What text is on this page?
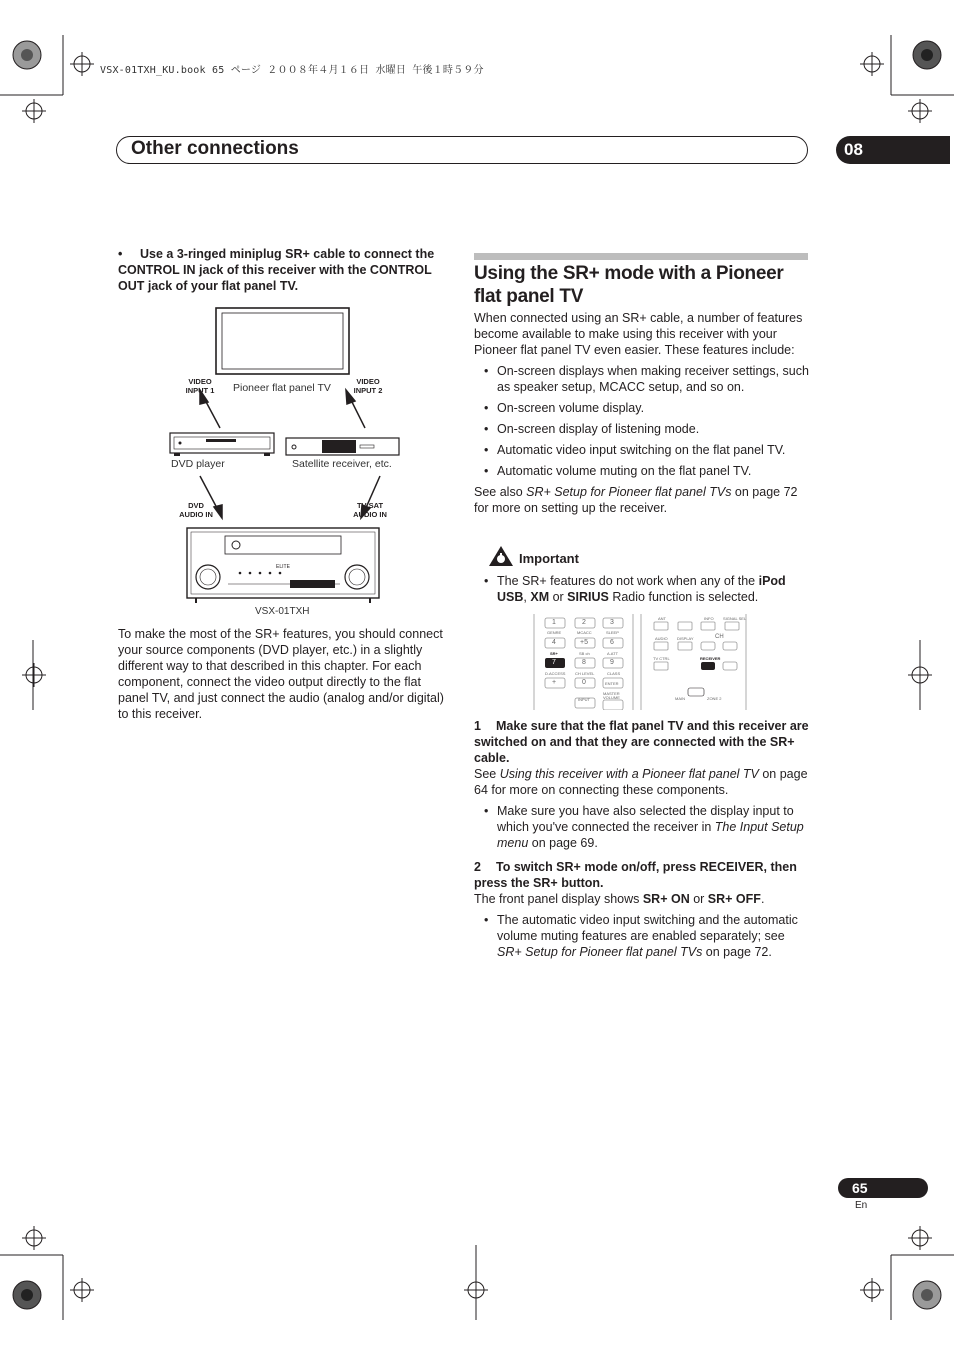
VSX-01TXH_KU.book 65 ページ ２００８年４月１６日 水曜日 午後１時５９分
Other connections	08
• Use a 3-ringed miniplug SR+ cable to connect the CONTROL IN jack of this receiver with the CONTROL OUT jack of your flat panel TV.
ELITE
Pioneer flat panel TV
VIDEO
INPUT 1
VIDEO
INPUT 2
DVD player	Satellite receiver, etc.
DVD
AUDIO IN
TV SAT
AUDIO IN
VSX-01TXH
To make the most of the SR+ features, you should connect your source components (DVD player, etc.) in a slightly different way to that described in this chapter. For each component, connect the video output directly to the flat panel TV, and just connect the audio (analog and/or digital) to this receiver.
Using the SR+ mode with a Pioneer flat panel TV
When connected using an SR+ cable, a number of features become available to make using this receiver with your Pioneer flat panel TV even easier. These features include:
• On-screen displays when making receiver settings, such as speaker setup, MCACC setup, and so on.
• On-screen volume display.
• On-screen display of listening mode.
• Automatic video input switching on the flat panel TV.
• Automatic volume muting on the flat panel TV.
See also SR+ Setup for Pioneer flat panel TVs on page 72 for more on setting up the receiver.
Important
• The SR+ features do not work when any of the iPod USB, XM or SIRIUS Radio function is selected.
1	2	3
GENRE	MCACC	SLEEP
4	+5	6
SR+	SB ch	A.ATT
7	8	9
D.ACCESS CH LEVEL	CLASS
+	0	ENTER
INPUT
MASTER VOLUME
ANT	INFO SIGNAL SEL
AUDIO DISPLAY	CH
TV CTRL	RECEIVER
MAIN	ZONE 2
1 Make sure that the flat panel TV and this receiver are switched on and that they are connected with the SR+ cable.
See Using this receiver with a Pioneer flat panel TV on page 64 for more on connecting these components.
• Make sure you have also selected the display input to which you've connected the receiver in The Input Setup menu on page 69.
2 To switch SR+ mode on/off, press RECEIVER, then press the SR+ button.
The front panel display shows SR+ ON or SR+ OFF.
• The automatic video input switching and the automatic volume muting features are enabled separately; see SR+ Setup for Pioneer flat panel TVs on page 72.
65
En
